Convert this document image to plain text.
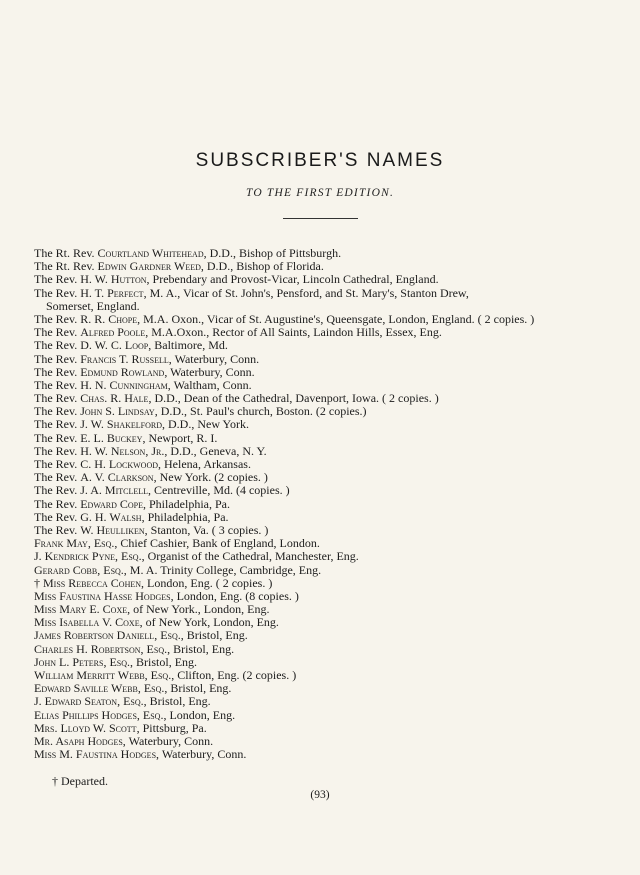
SUBSCRIBER'S NAMES
TO THE FIRST EDITION.
The Rt. Rev. Courtland Whitehead, D.D., Bishop of Pittsburgh.
The Rt. Rev. Edwin Gardner Weed, D.D., Bishop of Florida.
The Rev. H. W. Hutton, Prebendary and Provost-Vicar, Lincoln Cathedral, England.
The Rev. H. T. Perfect, M. A., Vicar of St. John's, Pensford, and St. Mary's, Stanton Drew,
Somerset, England.
The Rev. R. R. Chope, M.A. Oxon., Vicar of St. Augustine's, Queensgate, London, England. ( 2 copies. )
The Rev. Alfred Poole, M.A.Oxon., Rector of All Saints, Laindon Hills, Essex, Eng.
The Rev. D. W. C. Loop, Baltimore, Md.
The Rev. Francis T. Russell, Waterbury, Conn.
The Rev. Edmund Rowland, Waterbury, Conn.
The Rev. H. N. Cunningham, Waltham, Conn.
The Rev. Chas. R. Hale, D.D., Dean of the Cathedral, Davenport, Iowa. ( 2 copies. )
The Rev. John S. Lindsay, D.D., St. Paul's church, Boston. (2 copies.)
The Rev. J. W. Shakelford, D.D., New York.
The Rev. E. L. Buckey, Newport, R. I.
The Rev. H. W. Nelson, Jr., D.D., Geneva, N. Y.
The Rev. C. H. Lockwood, Helena, Arkansas.
The Rev. A. V. Clarkson, New York. (2 copies. )
The Rev. J. A. Mitclell, Centreville, Md. (4 copies. )
The Rev. Edward Cope, Philadelphia, Pa.
The Rev. G. H. Walsh, Philadelphia, Pa.
The Rev. W. Heulliken, Stanton, Va. ( 3 copies. )
Frank May, Esq., Chief Cashier, Bank of England, London.
J. Kendrick Pyne, Esq., Organist of the Cathedral, Manchester, Eng.
Gerard Cobb, Esq., M. A. Trinity College, Cambridge, Eng.
† Miss Rebecca Cohen, London, Eng. ( 2 copies. )
Miss Faustina Hasse Hodges, London, Eng. (8 copies. )
Miss Mary E. Coxe, of New York., London, Eng.
Miss Isabella V. Coxe, of New York, London, Eng.
James Robertson Daniell, Esq., Bristol, Eng.
Charles H. Robertson, Esq., Bristol, Eng.
John L. Peters, Esq., Bristol, Eng.
William Merritt Webb, Esq., Clifton, Eng. (2 copies. )
Edward Saville Webb, Esq., Bristol, Eng.
J. Edward Seaton, Esq., Bristol, Eng.
Elias Phillips Hodges, Esq., London, Eng.
Mrs. Lloyd W. Scott, Pittsburg, Pa.
Mr. Asaph Hodges, Waterbury, Conn.
Miss M. Faustina Hodges, Waterbury, Conn.
† Departed.
(93)
